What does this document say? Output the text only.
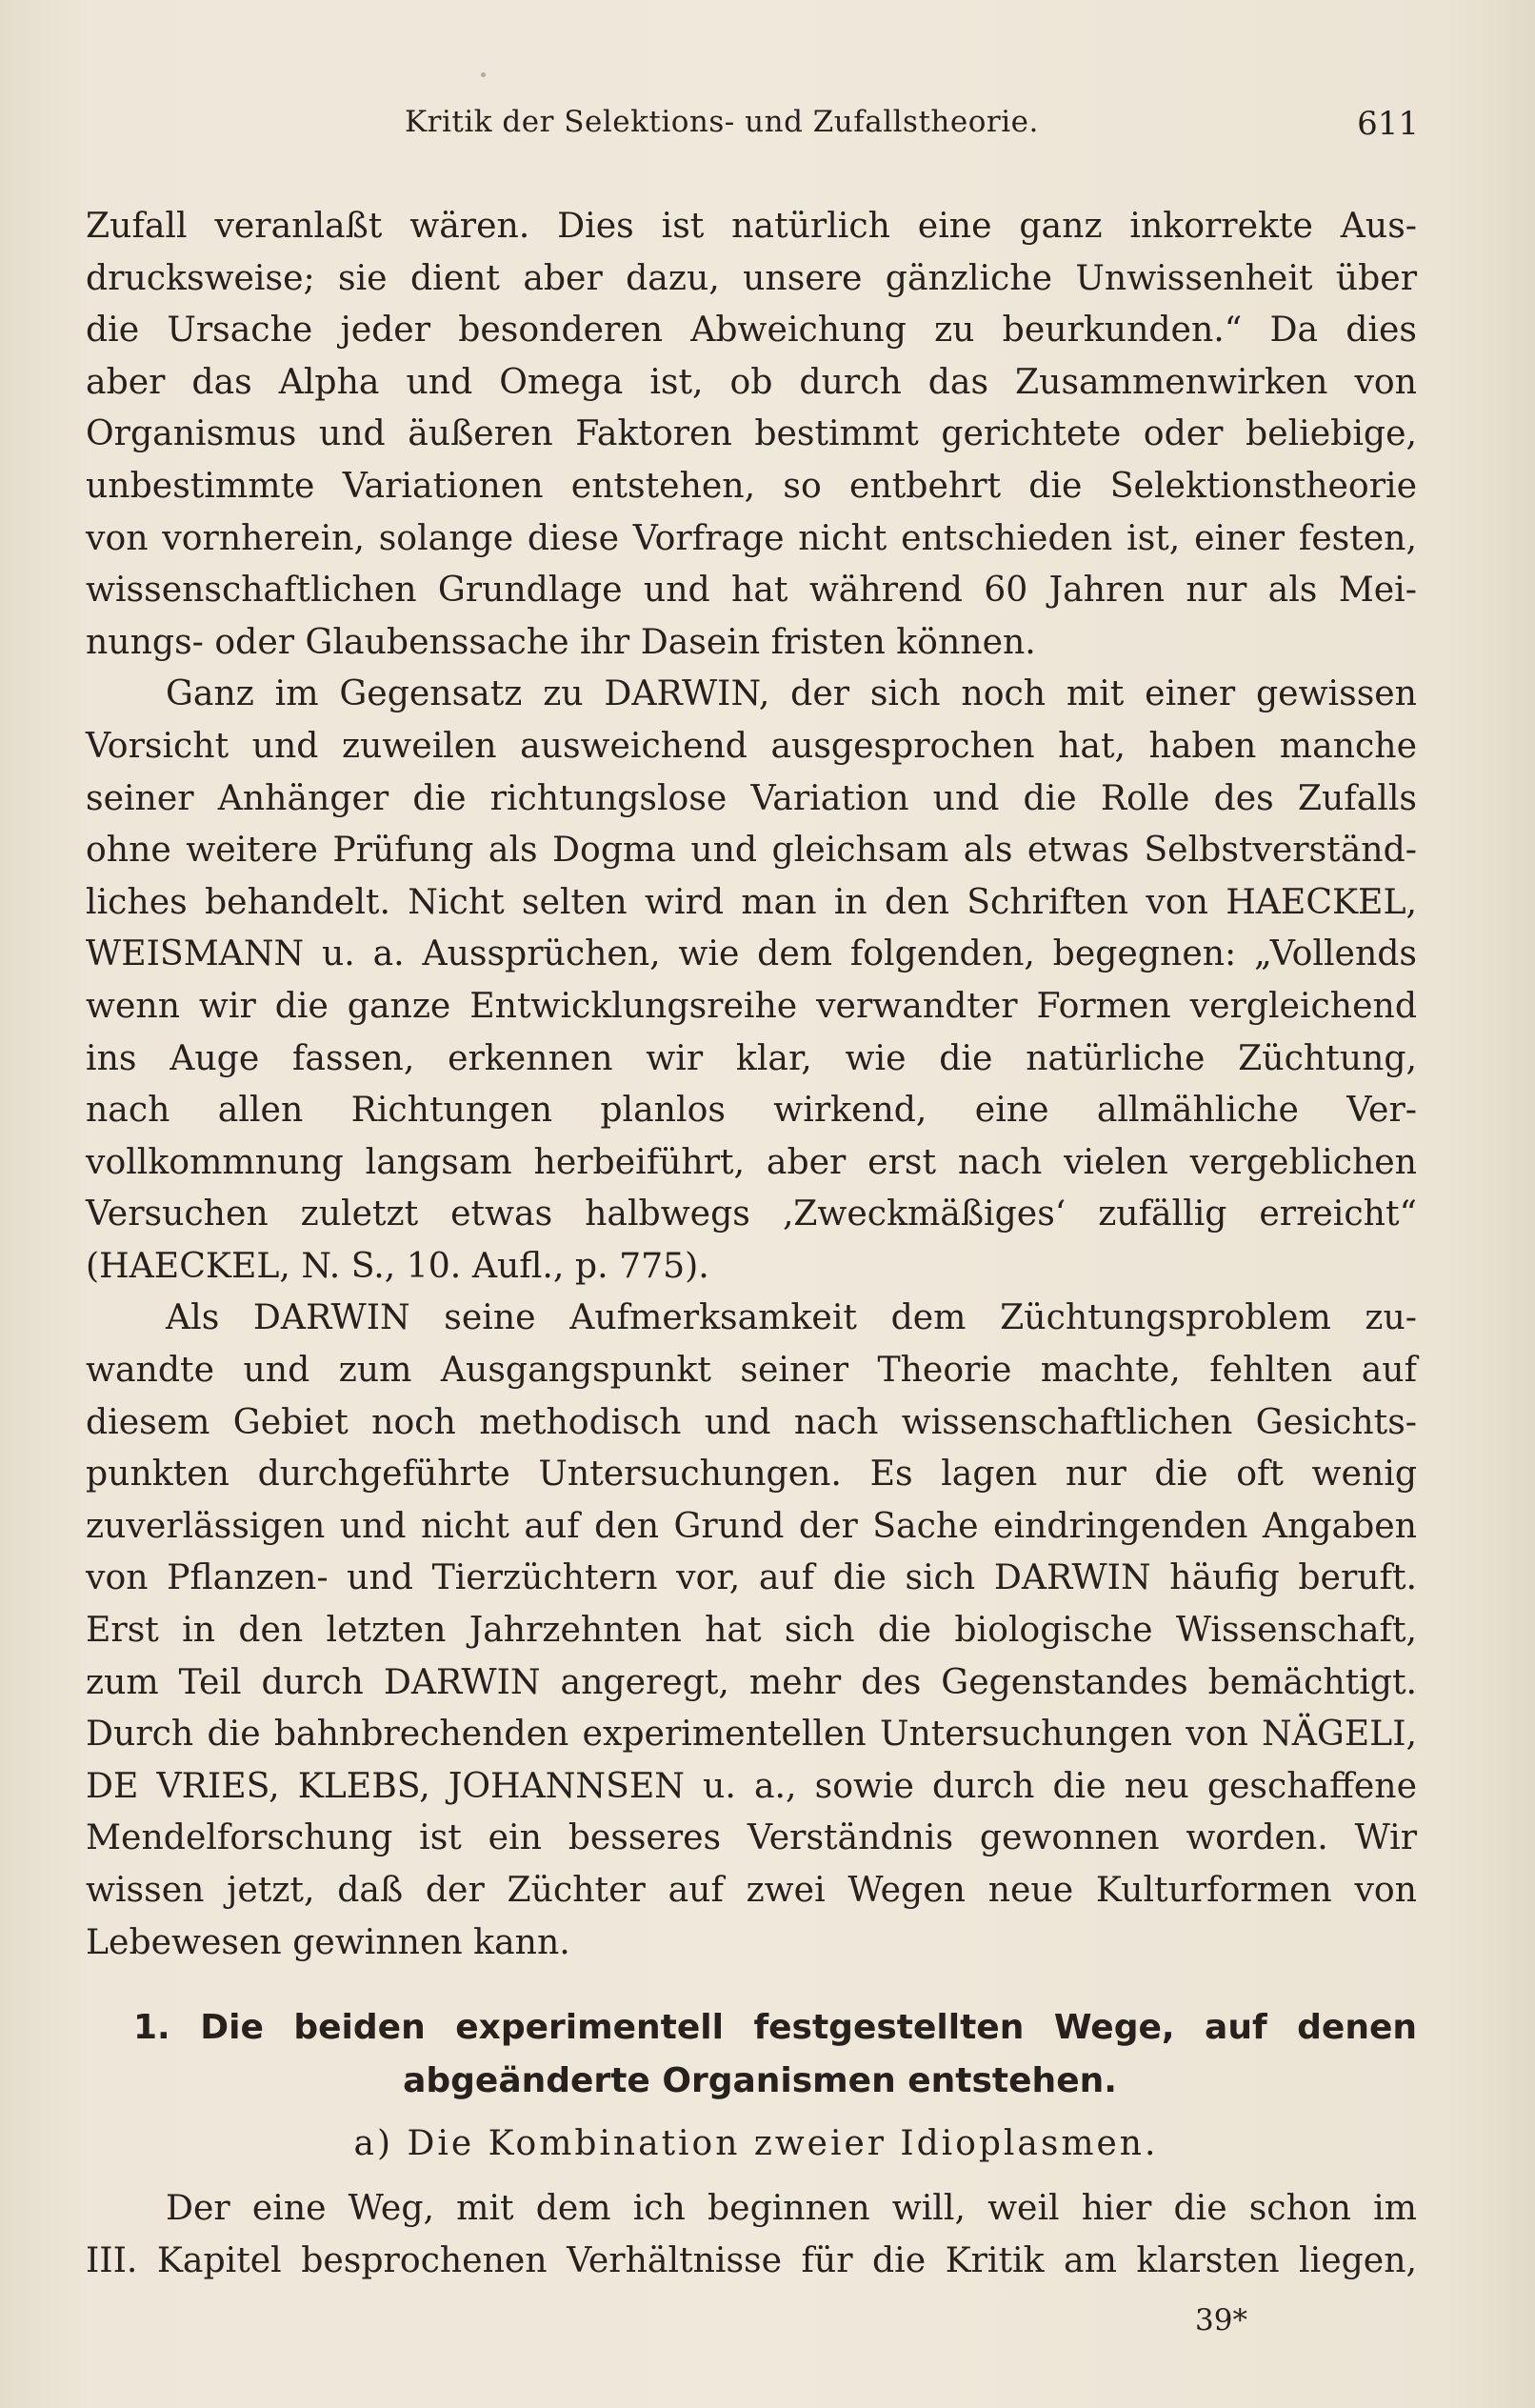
Kritik der Selektions- und Zufallstheorie.	611
Zufall veranlaßt wären. Dies ist natürlich eine ganz inkorrekte Aus-
drucksweise; sie dient aber dazu, unsere gänzliche Unwissenheit über
die Ursache jeder besonderen Abweichung zu beurkunden.“ Da dies
aber das Alpha und Omega ist, ob durch das Zusammenwirken von
Organismus und äußeren Faktoren bestimmt gerichtete oder beliebige,
unbestimmte Variationen entstehen, so entbehrt die Selektionstheorie
von vornherein, solange diese Vorfrage nicht entschieden ist, einer festen,
wissenschaftlichen Grundlage und hat während 60 Jahren nur als Mei-
nungs- oder Glaubenssache ihr Dasein fristen können.
Ganz im Gegensatz zu DARWIN, der sich noch mit einer gewissen
Vorsicht und zuweilen ausweichend ausgesprochen hat, haben manche
seiner Anhänger die richtungslose Variation und die Rolle des Zufalls
ohne weitere Prüfung als Dogma und gleichsam als etwas Selbstverständ-
liches behandelt. Nicht selten wird man in den Schriften von HAECKEL,
WEISMANN u. a. Aussprüchen, wie dem folgenden, begegnen: „Vollends
wenn wir die ganze Entwicklungsreihe verwandter Formen vergleichend
ins Auge fassen, erkennen wir klar, wie die natürliche Züchtung,
nach allen Richtungen planlos wirkend, eine allmähliche Ver-
vollkommnung langsam herbeiführt, aber erst nach vielen vergeblichen
Versuchen zuletzt etwas halbwegs ‚Zweckmäßiges‘ zufällig erreicht“
(HAECKEL, N. S., 10. Aufl., p. 775).
Als DARWIN seine Aufmerksamkeit dem Züchtungsproblem zu-
wandte und zum Ausgangspunkt seiner Theorie machte, fehlten auf
diesem Gebiet noch methodisch und nach wissenschaftlichen Gesichts-
punkten durchgeführte Untersuchungen. Es lagen nur die oft wenig
zuverlässigen und nicht auf den Grund der Sache eindringenden Angaben
von Pflanzen- und Tierzüchtern vor, auf die sich DARWIN häufig beruft.
Erst in den letzten Jahrzehnten hat sich die biologische Wissenschaft,
zum Teil durch DARWIN angeregt, mehr des Gegenstandes bemächtigt.
Durch die bahnbrechenden experimentellen Untersuchungen von NÄGELI,
DE VRIES, KLEBS, JOHANNSEN u. a., sowie durch die neu geschaffene
Mendelforschung ist ein besseres Verständnis gewonnen worden. Wir
wissen jetzt, daß der Züchter auf zwei Wegen neue Kulturformen von
Lebewesen gewinnen kann.
1. Die beiden experimentell festgestellten Wege, auf denen
abgeänderte Organismen entstehen.
a) Die Kombination zweier Idioplasmen.
Der eine Weg, mit dem ich beginnen will, weil hier die schon im
III. Kapitel besprochenen Verhältnisse für die Kritik am klarsten liegen,
39*
